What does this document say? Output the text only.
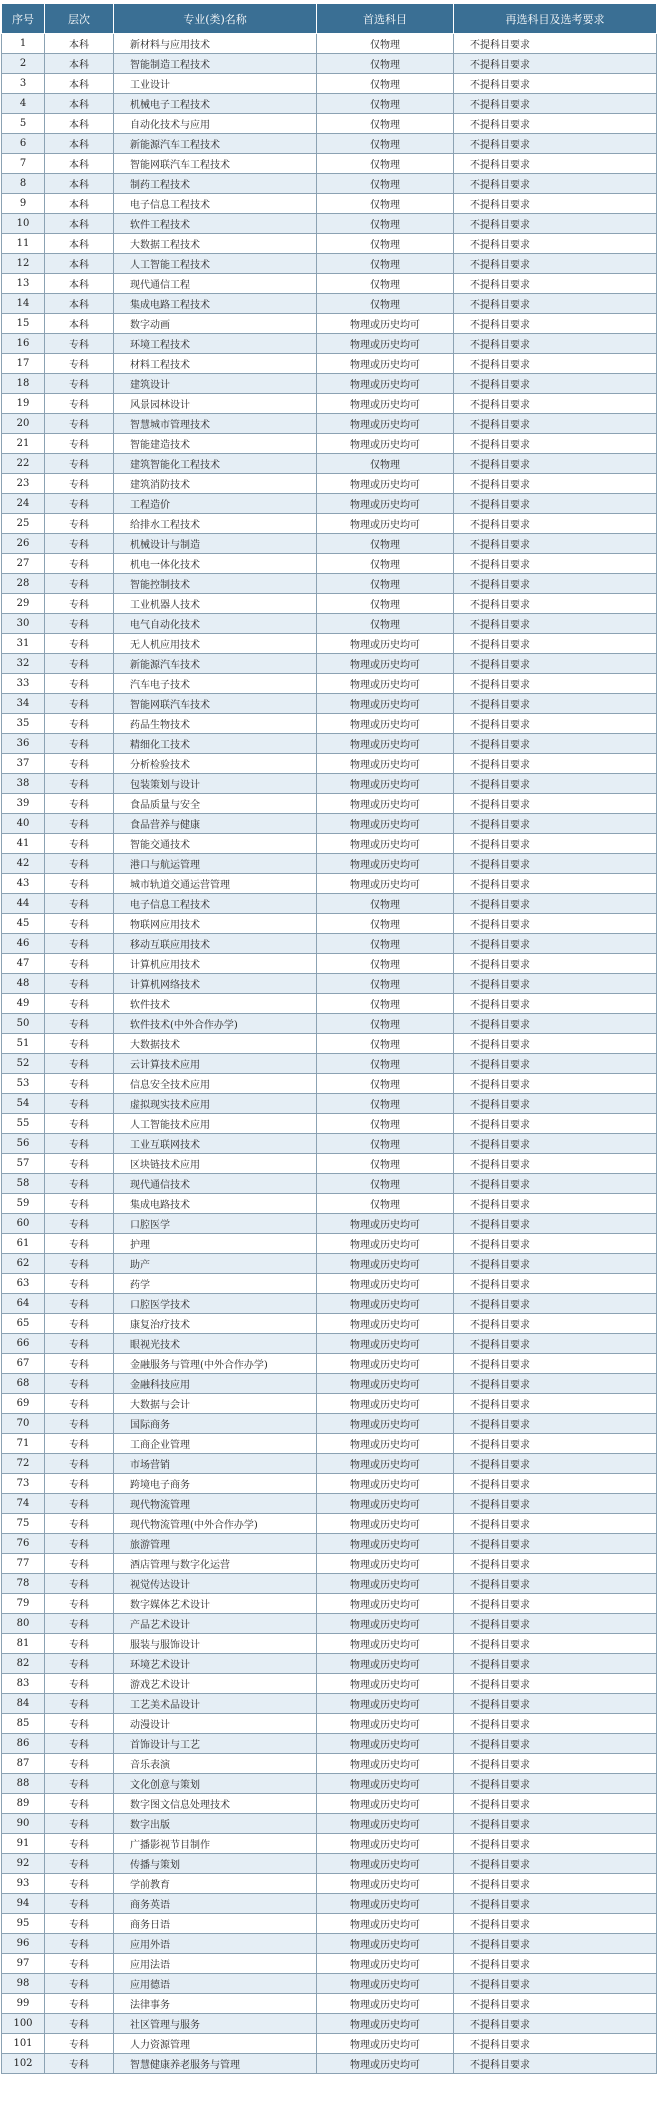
序号	层次	专业(类)名称	首选科目	再选科目及选考要求
1	本科	新材料与应用技术	仅物理	不提科目要求
2	本科	智能制造工程技术	仅物理	不提科目要求
3	本科	工业设计	仅物理	不提科目要求
4	本科	机械电子工程技术	仅物理	不提科目要求
5	本科	自动化技术与应用	仅物理	不提科目要求
6	本科	新能源汽车工程技术	仅物理	不提科目要求
7	本科	智能网联汽车工程技术	仅物理	不提科目要求
8	本科	制药工程技术	仅物理	不提科目要求
9	本科	电子信息工程技术	仅物理	不提科目要求
10	本科	软件工程技术	仅物理	不提科目要求
11	本科	大数据工程技术	仅物理	不提科目要求
12	本科	人工智能工程技术	仅物理	不提科目要求
13	本科	现代通信工程	仅物理	不提科目要求
14	本科	集成电路工程技术	仅物理	不提科目要求
15	本科	数字动画	物理或历史均可	不提科目要求
16	专科	环境工程技术	物理或历史均可	不提科目要求
17	专科	材料工程技术	物理或历史均可	不提科目要求
18	专科	建筑设计	物理或历史均可	不提科目要求
19	专科	风景园林设计	物理或历史均可	不提科目要求
20	专科	智慧城市管理技术	物理或历史均可	不提科目要求
21	专科	智能建造技术	物理或历史均可	不提科目要求
22	专科	建筑智能化工程技术	仅物理	不提科目要求
23	专科	建筑消防技术	物理或历史均可	不提科目要求
24	专科	工程造价	物理或历史均可	不提科目要求
25	专科	给排水工程技术	物理或历史均可	不提科目要求
26	专科	机械设计与制造	仅物理	不提科目要求
27	专科	机电一体化技术	仅物理	不提科目要求
28	专科	智能控制技术	仅物理	不提科目要求
29	专科	工业机器人技术	仅物理	不提科目要求
30	专科	电气自动化技术	仅物理	不提科目要求
31	专科	无人机应用技术	物理或历史均可	不提科目要求
32	专科	新能源汽车技术	物理或历史均可	不提科目要求
33	专科	汽车电子技术	物理或历史均可	不提科目要求
34	专科	智能网联汽车技术	物理或历史均可	不提科目要求
35	专科	药品生物技术	物理或历史均可	不提科目要求
36	专科	精细化工技术	物理或历史均可	不提科目要求
37	专科	分析检验技术	物理或历史均可	不提科目要求
38	专科	包装策划与设计	物理或历史均可	不提科目要求
39	专科	食品质量与安全	物理或历史均可	不提科目要求
40	专科	食品营养与健康	物理或历史均可	不提科目要求
41	专科	智能交通技术	物理或历史均可	不提科目要求
42	专科	港口与航运管理	物理或历史均可	不提科目要求
43	专科	城市轨道交通运营管理	物理或历史均可	不提科目要求
44	专科	电子信息工程技术	仅物理	不提科目要求
45	专科	物联网应用技术	仅物理	不提科目要求
46	专科	移动互联应用技术	仅物理	不提科目要求
47	专科	计算机应用技术	仅物理	不提科目要求
48	专科	计算机网络技术	仅物理	不提科目要求
49	专科	软件技术	仅物理	不提科目要求
50	专科	软件技术(中外合作办学)	仅物理	不提科目要求
51	专科	大数据技术	仅物理	不提科目要求
52	专科	云计算技术应用	仅物理	不提科目要求
53	专科	信息安全技术应用	仅物理	不提科目要求
54	专科	虚拟现实技术应用	仅物理	不提科目要求
55	专科	人工智能技术应用	仅物理	不提科目要求
56	专科	工业互联网技术	仅物理	不提科目要求
57	专科	区块链技术应用	仅物理	不提科目要求
58	专科	现代通信技术	仅物理	不提科目要求
59	专科	集成电路技术	仅物理	不提科目要求
60	专科	口腔医学	物理或历史均可	不提科目要求
61	专科	护理	物理或历史均可	不提科目要求
62	专科	助产	物理或历史均可	不提科目要求
63	专科	药学	物理或历史均可	不提科目要求
64	专科	口腔医学技术	物理或历史均可	不提科目要求
65	专科	康复治疗技术	物理或历史均可	不提科目要求
66	专科	眼视光技术	物理或历史均可	不提科目要求
67	专科	金融服务与管理(中外合作办学)	物理或历史均可	不提科目要求
68	专科	金融科技应用	物理或历史均可	不提科目要求
69	专科	大数据与会计	物理或历史均可	不提科目要求
70	专科	国际商务	物理或历史均可	不提科目要求
71	专科	工商企业管理	物理或历史均可	不提科目要求
72	专科	市场营销	物理或历史均可	不提科目要求
73	专科	跨境电子商务	物理或历史均可	不提科目要求
74	专科	现代物流管理	物理或历史均可	不提科目要求
75	专科	现代物流管理(中外合作办学)	物理或历史均可	不提科目要求
76	专科	旅游管理	物理或历史均可	不提科目要求
77	专科	酒店管理与数字化运营	物理或历史均可	不提科目要求
78	专科	视觉传达设计	物理或历史均可	不提科目要求
79	专科	数字媒体艺术设计	物理或历史均可	不提科目要求
80	专科	产品艺术设计	物理或历史均可	不提科目要求
81	专科	服装与服饰设计	物理或历史均可	不提科目要求
82	专科	环境艺术设计	物理或历史均可	不提科目要求
83	专科	游戏艺术设计	物理或历史均可	不提科目要求
84	专科	工艺美术品设计	物理或历史均可	不提科目要求
85	专科	动漫设计	物理或历史均可	不提科目要求
86	专科	首饰设计与工艺	物理或历史均可	不提科目要求
87	专科	音乐表演	物理或历史均可	不提科目要求
88	专科	文化创意与策划	物理或历史均可	不提科目要求
89	专科	数字图文信息处理技术	物理或历史均可	不提科目要求
90	专科	数字出版	物理或历史均可	不提科目要求
91	专科	广播影视节目制作	物理或历史均可	不提科目要求
92	专科	传播与策划	物理或历史均可	不提科目要求
93	专科	学前教育	物理或历史均可	不提科目要求
94	专科	商务英语	物理或历史均可	不提科目要求
95	专科	商务日语	物理或历史均可	不提科目要求
96	专科	应用外语	物理或历史均可	不提科目要求
97	专科	应用法语	物理或历史均可	不提科目要求
98	专科	应用德语	物理或历史均可	不提科目要求
99	专科	法律事务	物理或历史均可	不提科目要求
100	专科	社区管理与服务	物理或历史均可	不提科目要求
101	专科	人力资源管理	物理或历史均可	不提科目要求
102	专科	智慧健康养老服务与管理	物理或历史均可	不提科目要求
